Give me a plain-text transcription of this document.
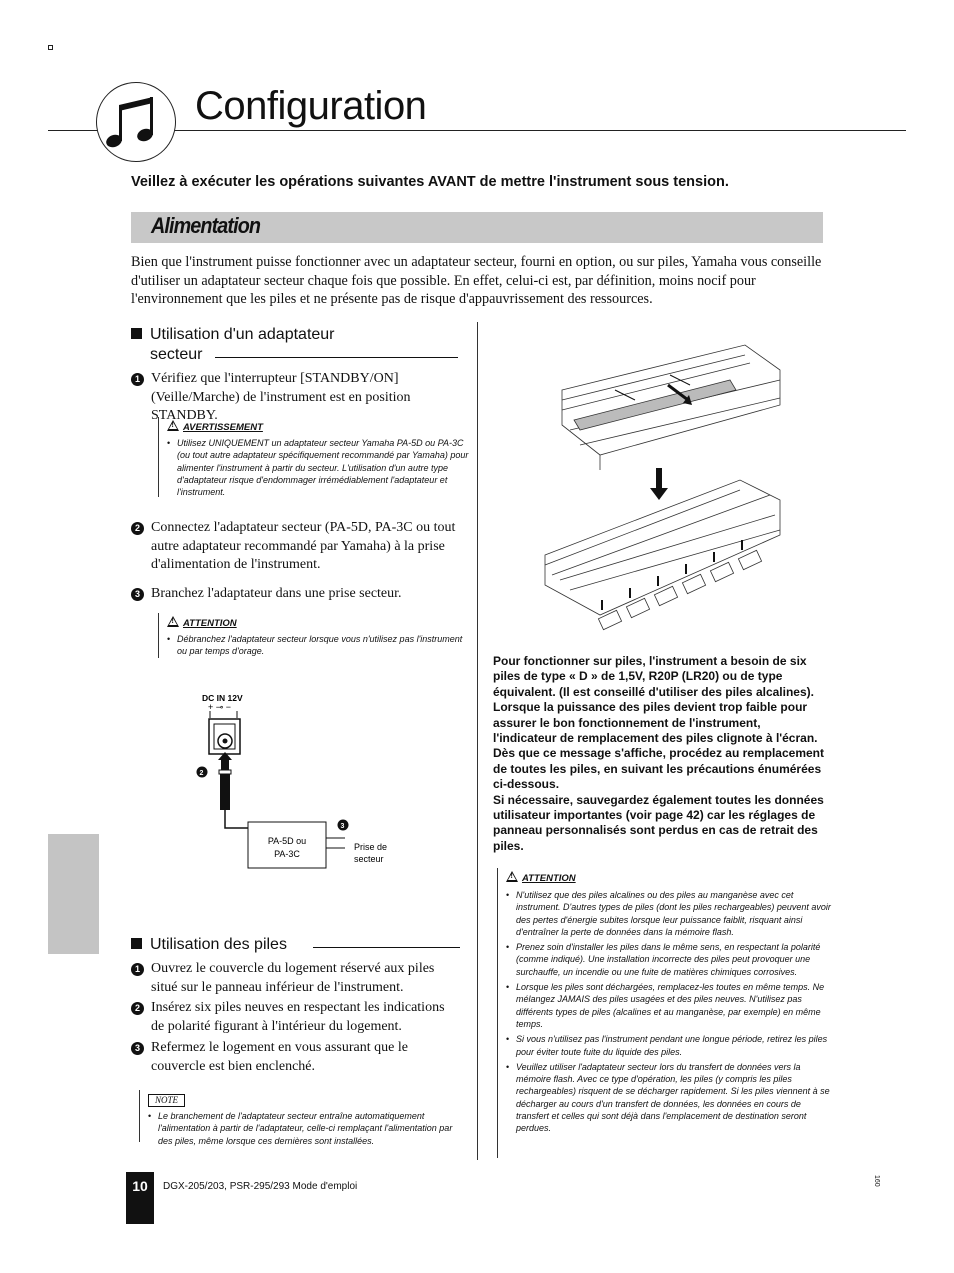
Configuration
Veillez à exécuter les opérations suivantes AVANT de mettre l'instrument sous tension.
Alimentation
Bien que l'instrument puisse fonctionner avec un adaptateur secteur, fourni en option, ou sur piles, Yamaha vous conseille d'utiliser un adaptateur secteur chaque fois que possible. En effet, celui-ci est, par définition, moins nocif pour l'environnement que les piles et ne présente pas de risque d'appauvrissement des ressources.
Utilisation d'un adaptateur
secteur
1 Vérifiez que l'interrupteur [STANDBY/ON] (Veille/Marche) de l'instrument est en position STANDBY.
!AVERTISSEMENT
• Utilisez UNIQUEMENT un adaptateur secteur Yamaha PA-5D ou PA-3C (ou tout autre adaptateur spécifiquement recommandé par Yamaha) pour alimenter l'instrument à partir du secteur. L'utilisation d'un autre type d'adaptateur risque d'endommager irrémédiablement l'adaptateur et l'instrument.
2 Connectez l'adaptateur secteur (PA-5D, PA-3C ou tout autre adaptateur recommandé par Yamaha) à la prise d'alimentation de l'instrument.
3 Branchez l'adaptateur dans une prise secteur.
!ATTENTION
• Débranchez l'adaptateur secteur lorsque vous n'utilisez pas l'instrument ou par temps d'orage.
DC IN 12V
+ ⊸ −
2
PA-5D ou
PA-3C
3
Prise de
secteur
Utilisation des piles
1 Ouvrez le couvercle du logement réservé aux piles situé sur le panneau inférieur de l'instrument.
2 Insérez six piles neuves en respectant les indications de polarité figurant à l'intérieur du logement.
3 Refermez le logement en vous assurant que le couvercle est bien enclenché.
NOTE
• Le branchement de l'adaptateur secteur entraîne automatiquement l'alimentation à partir de l'adaptateur, celle-ci remplaçant l'alimentation par des piles, même lorsque ces dernières sont installées.
Pour fonctionner sur piles, l'instrument a besoin de six piles de type « D » de 1,5V, R20P (LR20) ou de type équivalent. (Il est conseillé d'utiliser des piles alcalines). Lorsque la puissance des piles devient trop faible pour assurer le bon fonctionnement de l'instrument, l'indicateur de remplacement des piles clignote à l'écran. Dès que ce message s'affiche, procédez au remplacement de toutes les piles, en suivant les précautions énumérées ci-dessous.
Si nécessaire, sauvegardez également toutes les données utilisateur importantes (voir page 42) car les réglages de panneau personnalisés sont perdus en cas de retrait des piles.
!ATTENTION
• N'utilisez que des piles alcalines ou des piles au manganèse avec cet instrument. D'autres types de piles (dont les piles rechargeables) peuvent avoir des pertes d'énergie subites lorsque leur puissance faiblit, risquant ainsi d'entraîner la perte de données dans la mémoire flash.
• Prenez soin d'installer les piles dans le même sens, en respectant la polarité (comme indiqué). Une installation incorrecte des piles peut provoquer une surchauffe, un incendie ou une fuite de matières chimiques corrosives.
• Lorsque les piles sont déchargées, remplacez-les toutes en même temps. Ne mélangez JAMAIS des piles usagées et des piles neuves. N'utilisez pas différents types de piles (alcalines et au manganèse, par exemple) en même temps.
• Si vous n'utilisez pas l'instrument pendant une longue période, retirez les piles pour éviter toute fuite du liquide des piles.
• Veuillez utiliser l'adaptateur secteur lors du transfert de données vers la mémoire flash. Avec ce type d'opération, les piles (y compris les piles rechargeables) risquent de se décharger rapidement. Si les piles viennent à se décharger au cours d'un transfert de données, les données en cours de transfert et celles qui sont déjà dans l'emplacement de destination seront perdues.
10	DGX-205/203, PSR-295/293 Mode d'emploi	160
